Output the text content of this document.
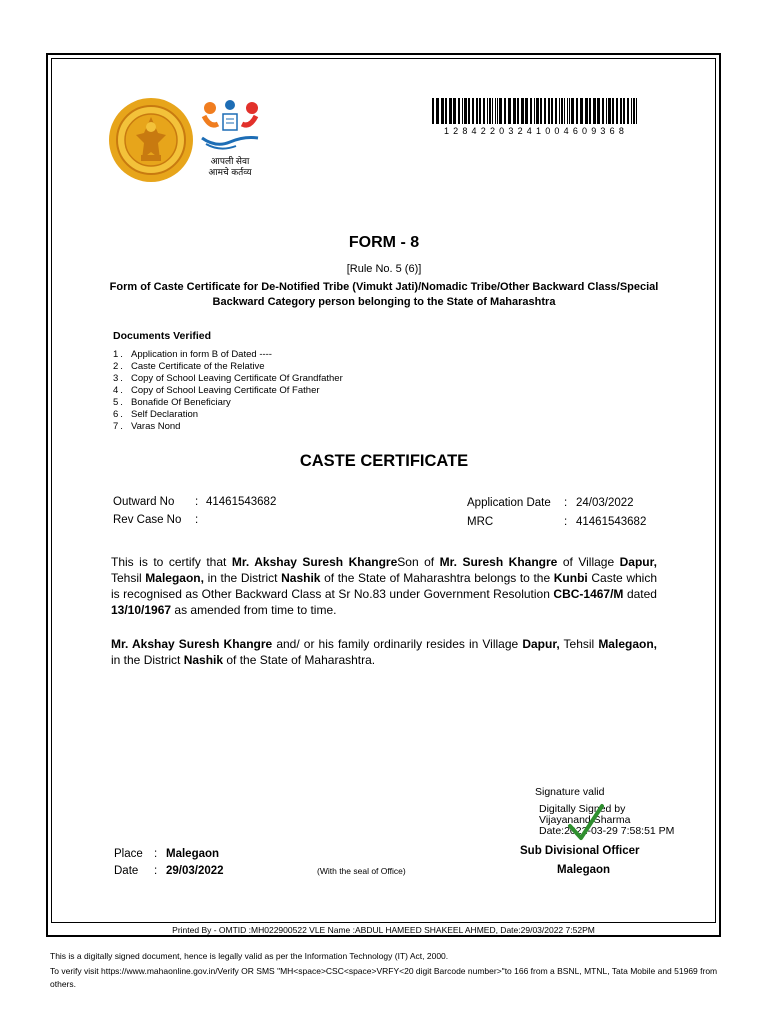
आपली सेवा
आमचे कर्तव्य
12842203241004609368
FORM - 8
[Rule No. 5 (6)]
Form of Caste Certificate for De-Notified Tribe (Vimukt Jati)/Nomadic Tribe/Other Backward Class/Special Backward Category person belonging to the State of Maharashtra
Documents Verified
1. Application in form B of Dated ----
2. Caste Certificate of the Relative
3. Copy of School Leaving Certificate Of Grandfather
4. Copy of School Leaving Certificate Of Father
5. Bonafide Of Beneficiary
6. Self Declaration
7. Varas Nond
CASTE CERTIFICATE
Outward No : 41461543682
Rev Case No :
Application Date : 24/03/2022
MRC	: 41461543682
This is to certify that Mr. Akshay Suresh KhangreSon of Mr. Suresh Khangre of Village Dapur, Tehsil Malegaon, in the District Nashik of the State of Maharashtra belongs to the Kunbi Caste which is recognised as Other Backward Class at Sr No.83 under Government Resolution CBC-1467/M dated 13/10/1967 as amended from time to time.
Mr. Akshay Suresh Khangre and/ or his family ordinarily resides in Village Dapur, Tehsil Malegaon, in the District Nashik of the State of Maharashtra.
Signature valid
Digitally Signed by
Vijayanand Sharma
Date:2022-03-29 7:58:51 PM
Sub Divisional Officer
Malegaon
Place : Malegaon
Date : 29/03/2022	(With the seal of Office)
Printed By - OMTID :MH022900522 VLE Name :ABDUL HAMEED SHAKEEL AHMED, Date:29/03/2022 7:52PM
This is a digitally signed document, hence is legally valid as per the Information Technology (IT) Act, 2000.
To verify visit https://www.mahaonline.gov.in/Verify OR SMS "MH<space>CSC<space>VRFY<20 digit Barcode number>"to 166 from a BSNL, MTNL, Tata Mobile and 51969 from others.
